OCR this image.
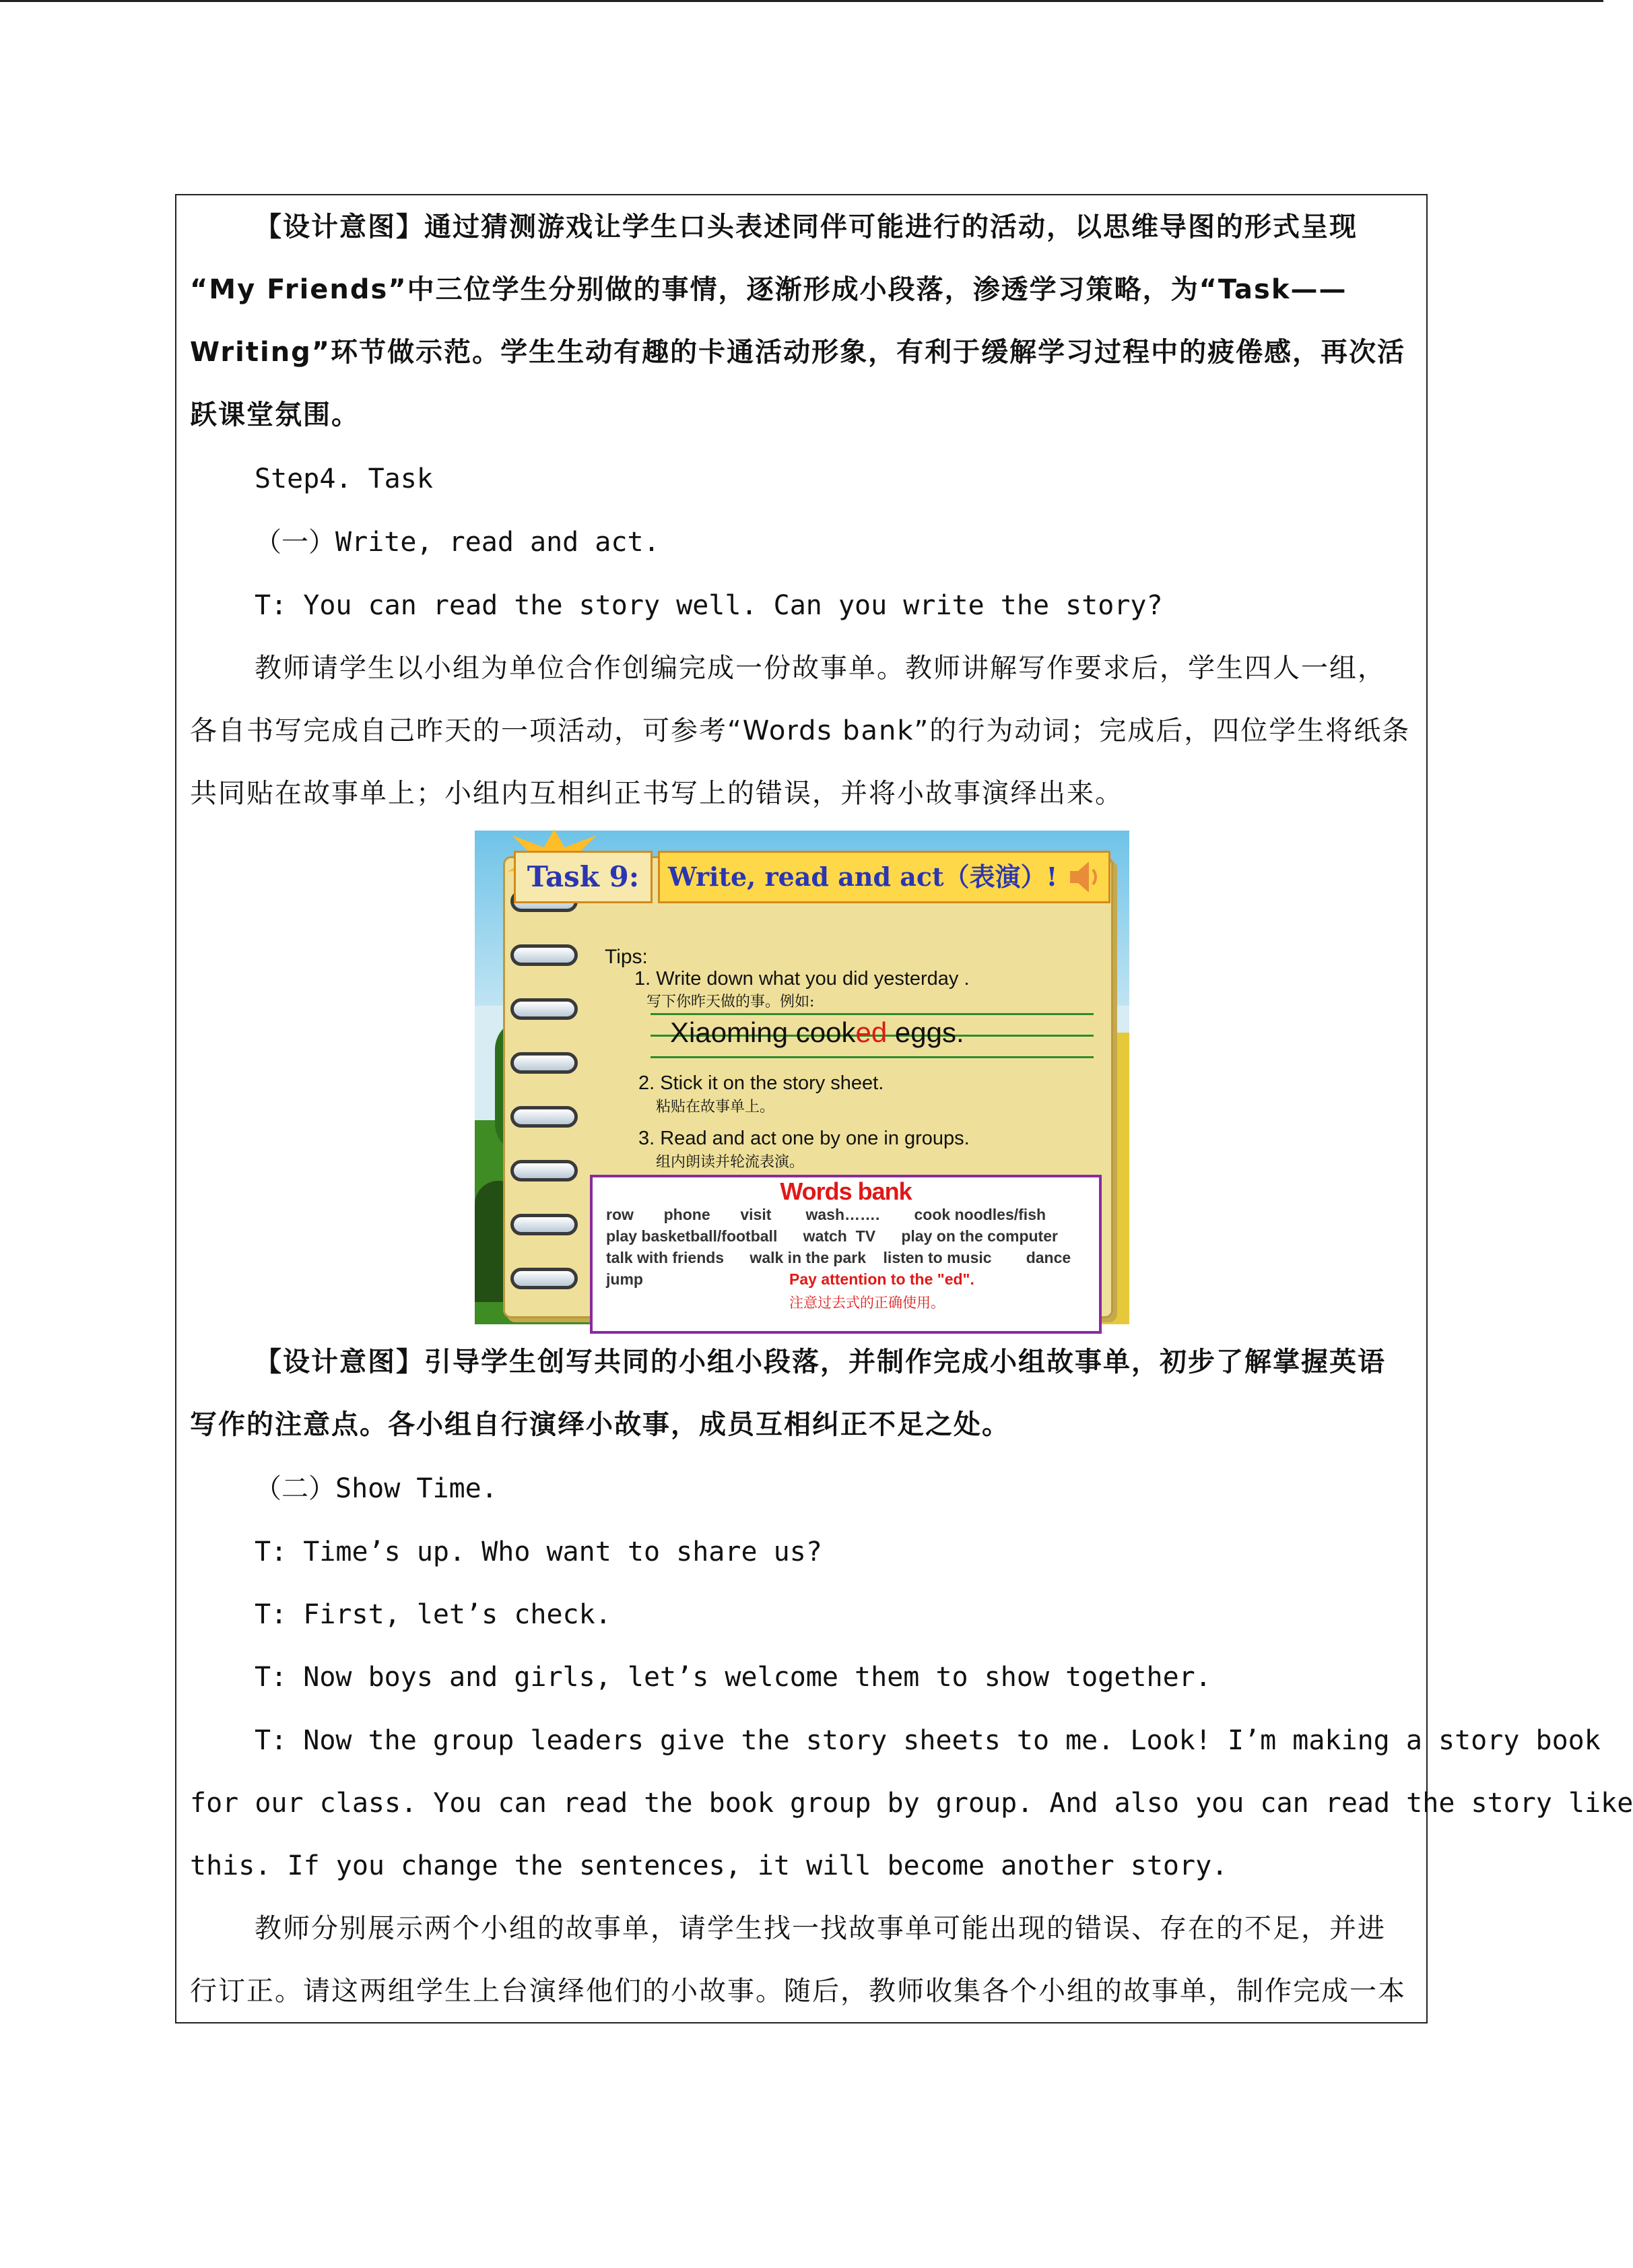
【设计意图】通过猜测游戏让学生口头表述同伴可能进行的活动，以思维导图的形式呈现
“My Friends”中三位学生分别做的事情，逐渐形成小段落，渗透学习策略，为“Task——
Writing”环节做示范。学生生动有趣的卡通活动形象，有利于缓解学习过程中的疲倦感，再次活
跃课堂氛围。
Step4. Task
（一）Write, read and act.
T: You can read the story well. Can you write the story?
教师请学生以小组为单位合作创编完成一份故事单。教师讲解写作要求后，学生四人一组，
各自书写完成自己昨天的一项活动，可参考“Words bank”的行为动词；完成后，四位学生将纸条
共同贴在故事单上；小组内互相纠正书写上的错误，并将小故事演绎出来。
Tips:
1. Write down what you did yesterday .
写下你昨天做的事。例如:
Xiaoming cooked eggs.
2. Stick it on the story sheet.
粘贴在故事单上。
3. Read and act one by one in groups.
组内朗读并轮流表演。
Words bank
row       phone       visit        wash…….        cook noodles/fish
play basketball/football      watch  TV      play on the computer
talk with friends      walk in the park    listen to music        dance
jump	Pay attention to the "ed".
注意过去式的正确使用。
Task 9:	Write, read and act（表演）!
【设计意图】引导学生创写共同的小组小段落，并制作完成小组故事单，初步了解掌握英语
写作的注意点。各小组自行演绎小故事，成员互相纠正不足之处。
（二）Show Time.
T: Time’s up. Who want to share us?
T: First, let’s check.
T: Now boys and girls, let’s welcome them to show together.
T: Now the group leaders give the story sheets to me. Look! I’m making a story book
for our class. You can read the book group by group. And also you can read the story like
this. If you change the sentences, it will become another story.
教师分别展示两个小组的故事单，请学生找一找故事单可能出现的错误、存在的不足，并进
行订正。请这两组学生上台演绎他们的小故事。随后，教师收集各个小组的故事单，制作完成一本
